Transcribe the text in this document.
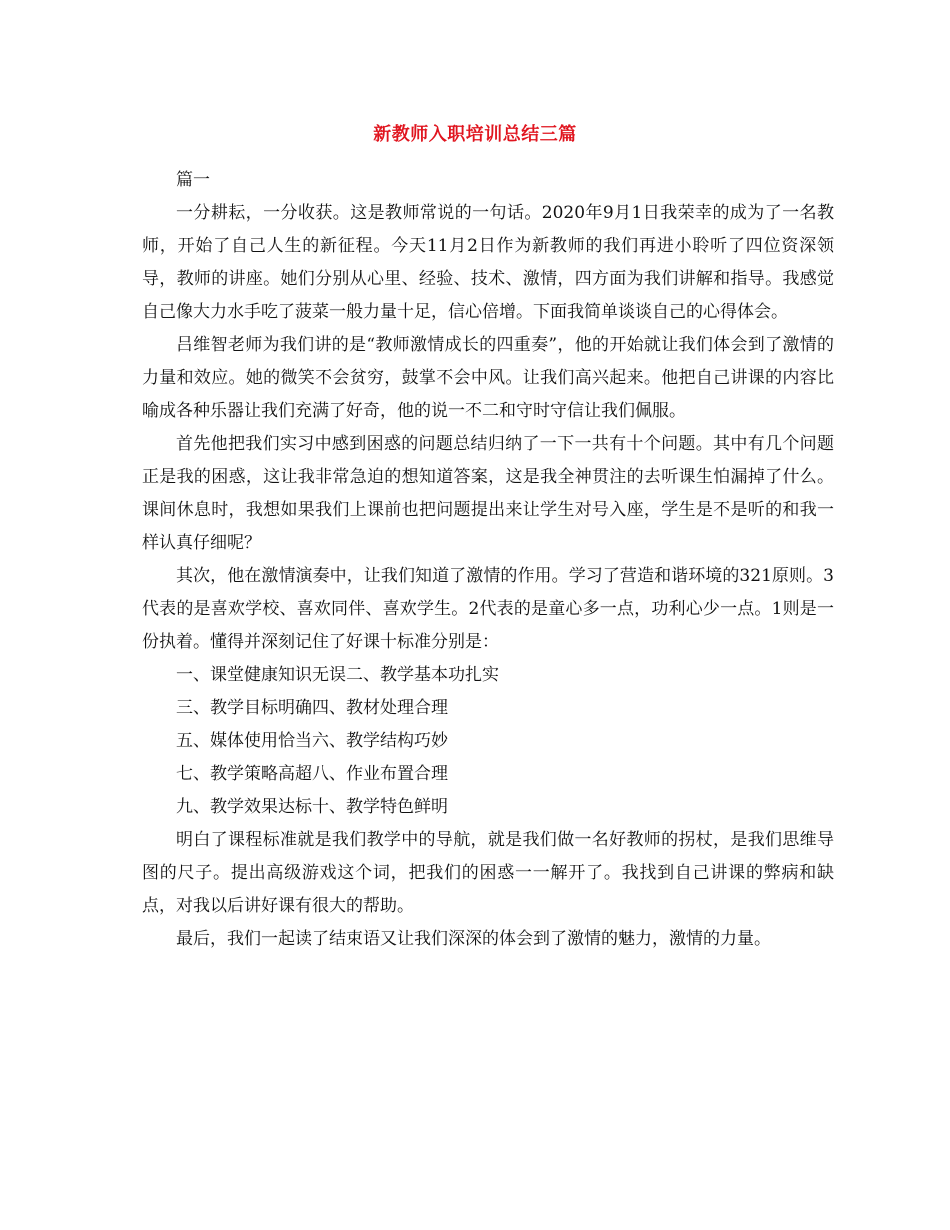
新教师入职培训总结三篇

篇一

一分耕耘，一分收获。这是教师常说的一句话。2020年9月1日我荣幸的成为了一名教师，开始了自己人生的新征程。今天11月2日作为新教师的我们再进小聆听了四位资深领导，教师的讲座。她们分别从心里、经验、技术、激情，四方面为我们讲解和指导。我感觉自己像大力水手吃了菠菜一般力量十足，信心倍增。下面我简单谈谈自己的心得体会。

吕维智老师为我们讲的是“教师激情成长的四重奏”，他的开始就让我们体会到了激情的力量和效应。她的微笑不会贫穷，鼓掌不会中风。让我们高兴起来。他把自己讲课的内容比喻成各种乐器让我们充满了好奇，他的说一不二和守时守信让我们佩服。

首先他把我们实习中感到困惑的问题总结归纳了一下一共有十个问题。其中有几个问题正是我的困惑，这让我非常急迫的想知道答案，这是我全神贯注的去听课生怕漏掉了什么。课间休息时，我想如果我们上课前也把问题提出来让学生对号入座，学生是不是听的和我一样认真仔细呢？

其次，他在激情演奏中，让我们知道了激情的作用。学习了营造和谐环境的321原则。3代表的是喜欢学校、喜欢同伴、喜欢学生。2代表的是童心多一点，功利心少一点。1则是一份执着。懂得并深刻记住了好课十标准分别是：

一、课堂健康知识无误二、教学基本功扎实

三、教学目标明确四、教材处理合理

五、媒体使用恰当六、教学结构巧妙

七、教学策略高超八、作业布置合理

九、教学效果达标十、教学特色鲜明

明白了课程标准就是我们教学中的导航，就是我们做一名好教师的拐杖，是我们思维导图的尺子。提出高级游戏这个词，把我们的困惑一一解开了。我找到自己讲课的弊病和缺点，对我以后讲好课有很大的帮助。

最后，我们一起读了结束语又让我们深深的体会到了激情的魅力，激情的力量。
